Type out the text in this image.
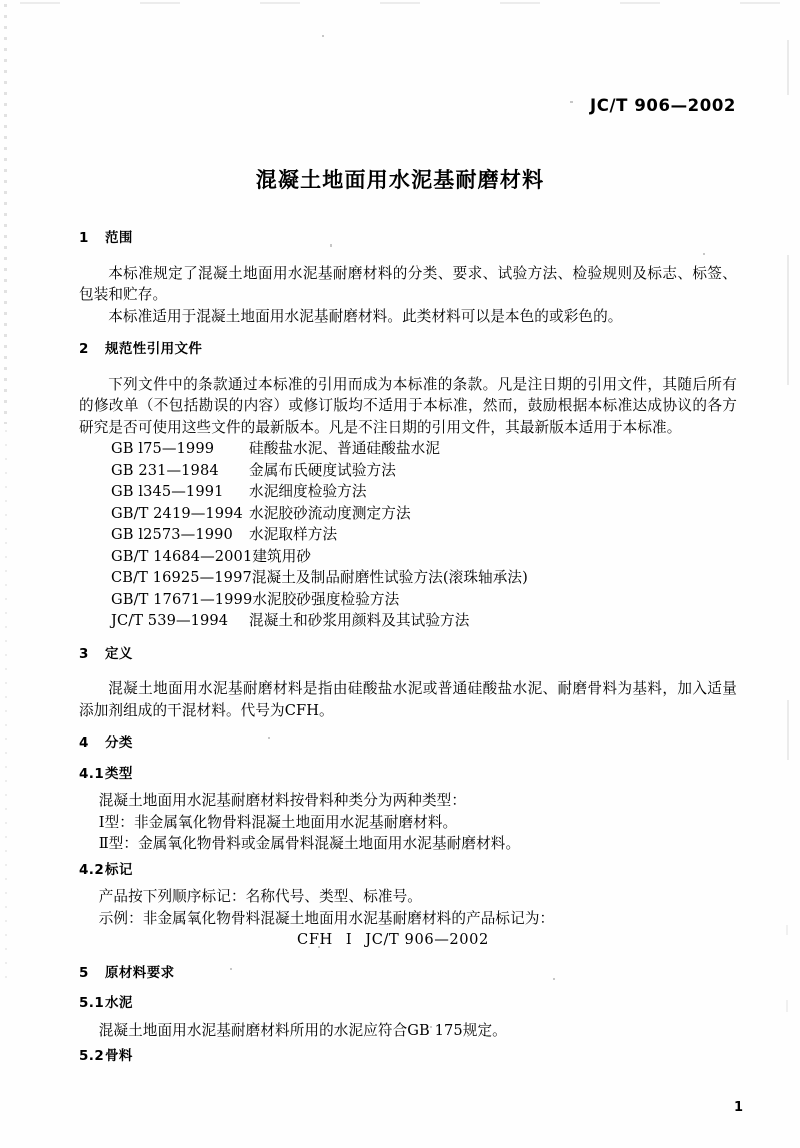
JC/T 906—2002
混凝土地面用水泥基耐磨材料
1 范围

本标准规定了混凝土地面用水泥基耐磨材料的分类、要求、试验方法、检验规则及标志、标签、包装和贮存。

本标准适用于混凝土地面用水泥基耐磨材料。此类材料可以是本色的或彩色的。

2 规范性引用文件

下列文件中的条款通过本标准的引用而成为本标准的条款。凡是注日期的引用文件，其随后所有的修改单（不包括勘误的内容）或修订版均不适用于本标准，然而，鼓励根据本标准达成协议的各方研究是否可使用这些文件的最新版本。凡是不注日期的引用文件，其最新版本适用于本标准。

GB l75—1999	硅酸盐水泥、普通硅酸盐水泥
GB 231—1984	金属布氏硬度试验方法
GB l345—1991	水泥细度检验方法
GB/T 2419—1994 水泥胶砂流动度测定方法
GB l2573—1990	水泥取样方法
GB/T 14684—2001 建筑用砂
CB/T 16925—1997 混凝土及制品耐磨性试验方法(滚珠轴承法)
GB/T 17671—1999 水泥胶砂强度检验方法
JC/T 539—1994	混凝土和砂浆用颜料及其试验方法
3 定义

混凝土地面用水泥基耐磨材料是指由硅酸盐水泥或普通硅酸盐水泥、耐磨骨料为基料，加入适量添加剂组成的干混材料。代号为CFH。

4 分类
4.1类型

混凝土地面用水泥基耐磨材料按骨料种类分为两种类型：

Ⅰ型：非金属氧化物骨料混凝土地面用水泥基耐磨材料。

Ⅱ型：金属氧化物骨料或金属骨料混凝土地面用水泥基耐磨材料。

4.2标记

产品按下列顺序标记：名称代号、类型、标准号。

示例：非金属氧化物骨料混凝土地面用水泥基耐磨材料的产品标记为：

CFH Ⅰ JC/T 906—2002

5 原材料要求
5.1水泥

混凝土地面用水泥基耐磨材料所用的水泥应符合GB 175规定。

5.2骨料
1
